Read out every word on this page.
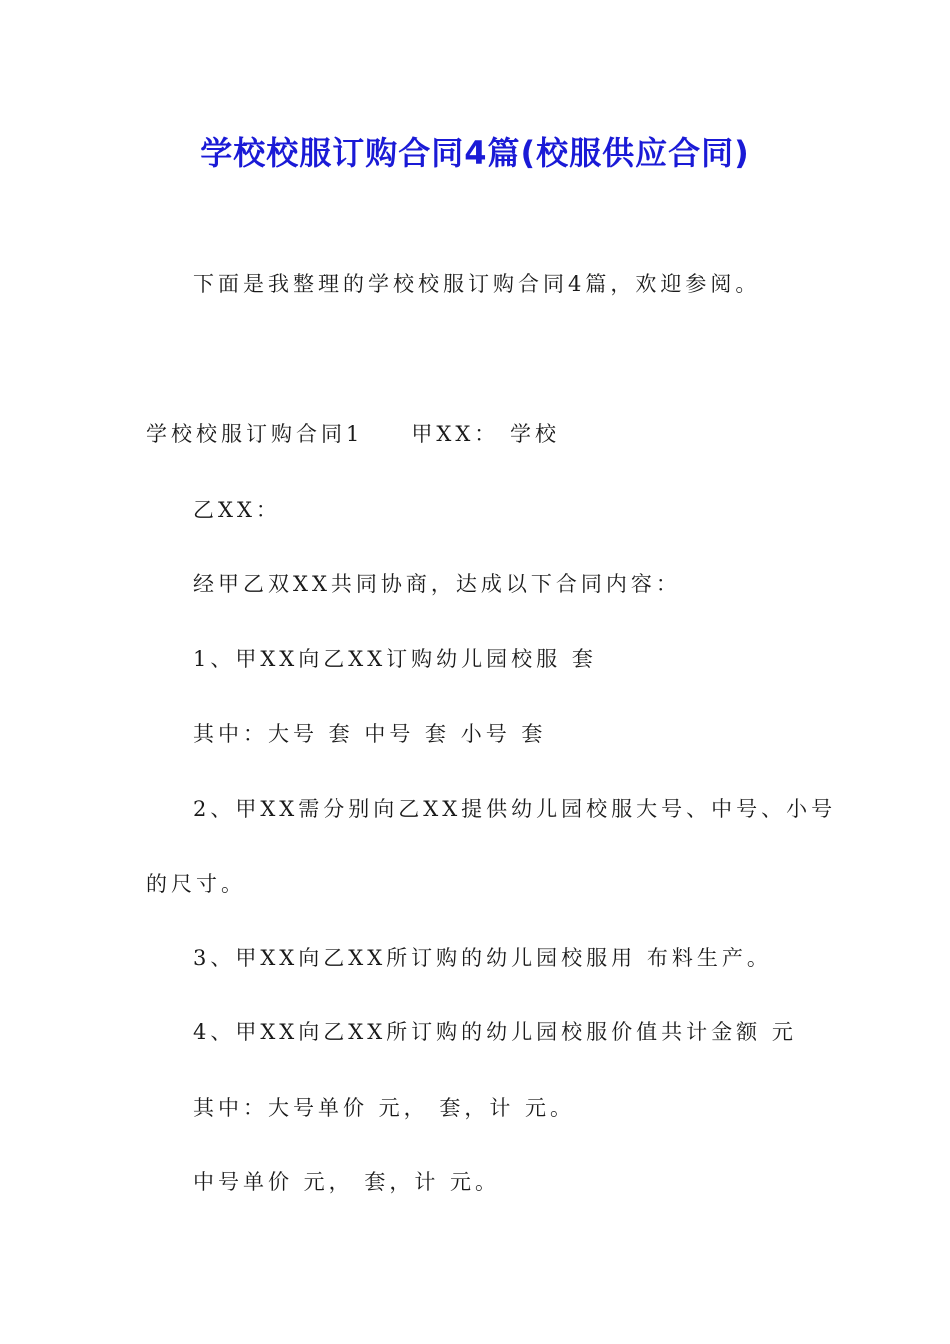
学校校服订购合同4篇(校服供应合同)
下面是我整理的学校校服订购合同4篇，欢迎参阅。
学校校服订购合同1 甲XX： 学校
乙XX：
经甲乙双XX共同协商，达成以下合同内容：
1、甲XX向乙XX订购幼儿园校服 套
其中：大号 套 中号 套 小号 套
2、甲XX需分别向乙XX提供幼儿园校服大号、中号、小号
的尺寸。
3、甲XX向乙XX所订购的幼儿园校服用 布料生产。
4、甲XX向乙XX所订购的幼儿园校服价值共计金额 元
其中：大号单价 元， 套，计 元。
中号单价 元， 套，计 元。
